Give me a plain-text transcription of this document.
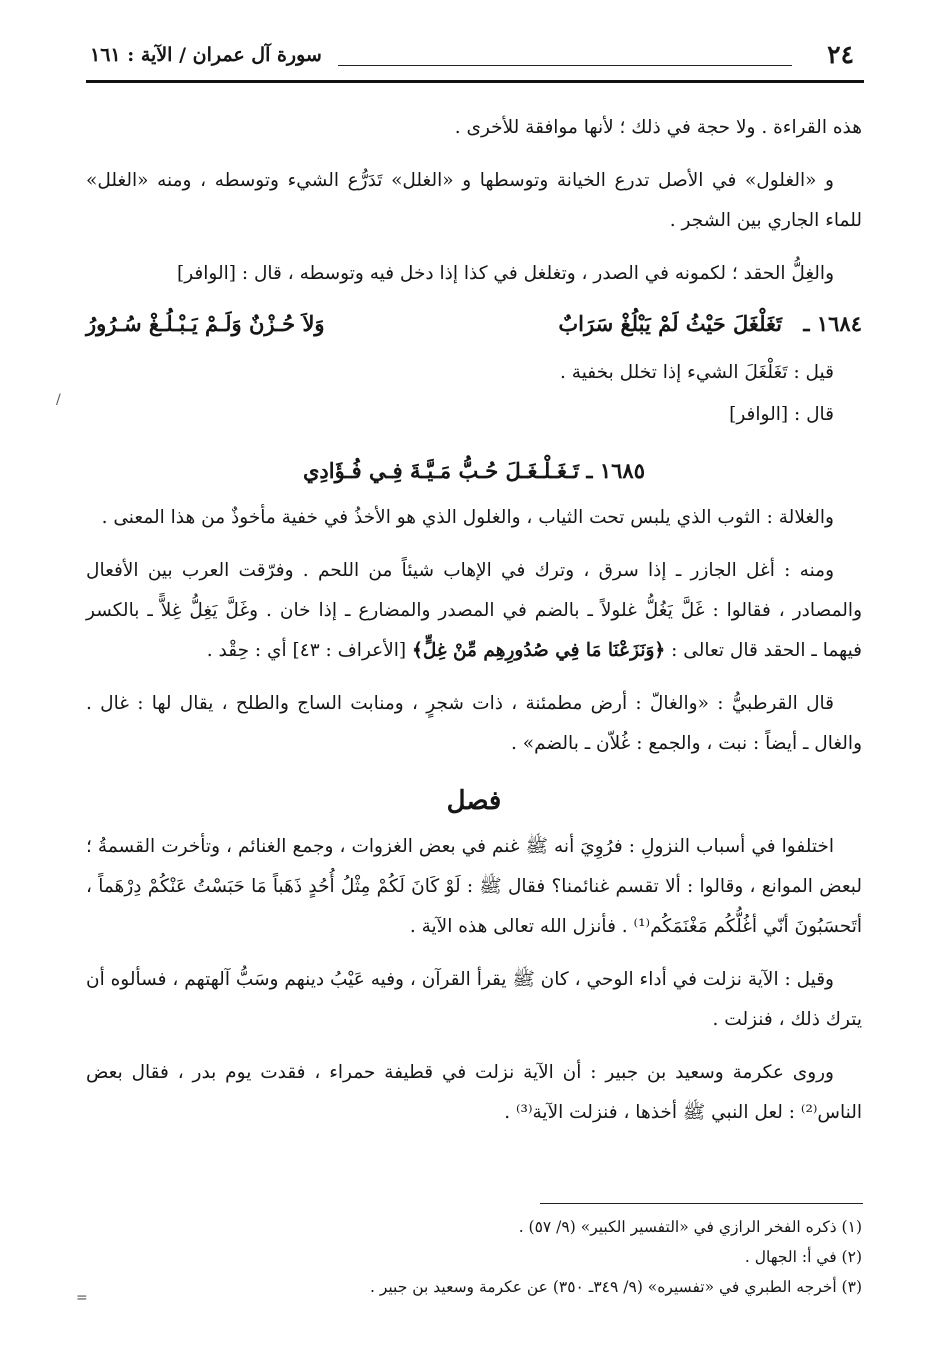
٢٤
سورة آل عمران / الآية : ١٦١
/

هذه القراءة . ولا حجة في ذلك ؛ لأنها موافقة للأخرى .

و «الغلول» في الأصل تدرع الخيانة وتوسطها و «الغلل» تَدَرُّع الشيء وتوسطه ، ومنه «الغلل» للماء الجاري بين الشجر .

والغِلُّ الحقد ؛ لكمونه في الصدر ، وتغلغل في كذا إذا دخل فيه وتوسطه ، قال : [الوافر]

١٦٨٤ ـ
تَغَلْغَلَ حَيْثُ لَمْ يَبْلُغْ سَرَابٌ
وَلاَ حُـزْنٌ وَلَـمْ يَـبْـلُـغْ سُـرُورُ

قيل : تَغَلْغَلَ الشيء إذا تخلل بخفية .

قال : [الوافر]

١٦٨٥ ـ تَـغَـلْـغَـلَ حُـبُّ مَـيَّـةَ فِـي فُـؤَادِي

والغلالة : الثوب الذي يلبس تحت الثياب ، والغلول الذي هو الأخذُ في خفية مأخوذٌ من هذا المعنى .

ومنه : أغل الجازر ـ إذا سرق ، وترك في الإهاب شيئاً من اللحم . وفرّقت العرب بين الأفعال والمصادر ، فقالوا : غَلَّ يَغُلُّ غلولاً ـ بالضم في المصدر والمضارع ـ إذا خان . وغَلَّ يَغِلُّ غِلاًّ ـ بالكسر فيهما ـ الحقد قال تعالى : ﴿وَنَزَعْنَا مَا فِي صُدُورِهِم مِّنْ غِلٍّ﴾ [الأعراف : ٤٣] أي : حِقْد .

قال القرطبيُّ : «والغالّ : أرض مطمئنة ، ذات شجرٍ ، ومنابت الساج والطلح ، يقال لها : غال . والغال ـ أيضاً : نبت ، والجمع : غُلاّن ـ بالضم» .

فصل

اختلفوا في أسباب النزولِ : فرُوِيَ أنه ﷺ غنم في بعض الغزوات ، وجمع الغنائم ، وتأخرت القسمةُ ؛ لبعض الموانع ، وقالوا : ألا تقسم غنائمنا؟ فقال ﷺ : لَوْ كَانَ لَكُمْ مِثْلُ أُحُدٍ ذَهَباً مَا حَبَسْتُ عَنْكُمْ دِرْهَماً ، أتَحسَبُونَ أنّي أغُلُّكُم مَغْنَمَكُم⁽¹⁾ . فأنزل الله تعالى هذه الآية .

وقيل : الآية نزلت في أداء الوحي ، كان ﷺ يقرأ القرآن ، وفيه عَيْبُ دينهم وسَبُّ آلهتهم ، فسألوه أن يترك ذلك ، فنزلت .

وروى عكرمة وسعيد بن جبير : أن الآية نزلت في قطيفة حمراء ، فقدت يوم بدر ، فقال بعض الناس⁽²⁾ : لعل النبي ﷺ أخذها ، فنزلت الآية⁽³⁾ .

(١) ذكره الفخر الرازي في «التفسير الكبير» (٩/ ٥٧) .
(٢) في أ: الجهال .
(٣) أخرجه الطبري في «تفسيره» (٩/ ٣٤٩ـ ٣٥٠) عن عكرمة وسعيد بن جبير .
=
